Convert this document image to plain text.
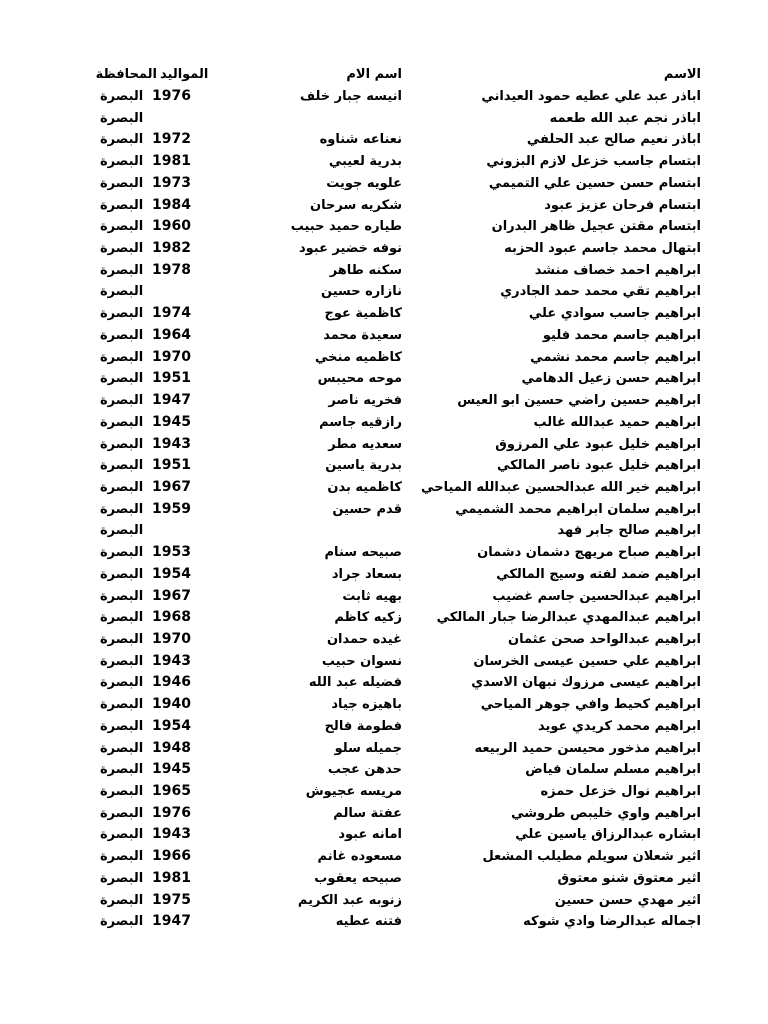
الاسم
اسم الام
المواليد
المحافظة
اباذر عبد علي عطيه حمود العيداني
انيسه جبار خلف
1976
البصرة
اباذر نجم عبد الله طعمه
البصرة
اباذر نعيم صالح عبد الحلفي
نعناعه شناوه
1972
البصرة
ابتسام جاسب خزعل لازم البزوني
بدرية لعيبي
1981
البصرة
ابتسام حسن حسين علي التميمي
علويه جويت
1973
البصرة
ابتسام فرحان عزيز عبود
شكريه سرحان
1984
البصرة
ابتسام مقتن عجيل ظاهر البدران
طياره حميد حبيب
1960
البصرة
ابتهال محمد جاسم عبود الحزبه
نوفه خضير عبود
1982
البصرة
ابراهيم احمد خصاف منشد
سكنه طاهر
1978
البصرة
ابراهيم تقي محمد حمد الجادري
نازاره حسين
البصرة
ابراهيم جاسب سوادي علي
كاظمية عوج
1974
البصرة
ابراهيم جاسم محمد فليو
سعيدة محمد
1964
البصرة
ابراهيم جاسم محمد نشمي
كاظميه منخي
1970
البصرة
ابراهيم حسن زعيل الدهامي
موحه محيبس
1951
البصرة
ابراهيم حسين راضي حسين ابو العيس
فخريه ناصر
1947
البصرة
ابراهيم حميد عبدالله غالب
رازقيه جاسم
1945
البصرة
ابراهيم خليل عبود علي المرزوق
سعديه مطر
1943
البصرة
ابراهيم خليل عبود ناصر المالكي
بدرية ياسين
1951
البصرة
ابراهيم خير الله عبدالحسين عبدالله المياحي
كاظميه بدن
1967
البصرة
ابراهيم سلمان ابراهيم محمد الشميمي
قدم حسين
1959
البصرة
ابراهيم صالح جابر فهد
البصرة
ابراهيم صباح مريهج دشمان دشمان
صبيحه سنام
1953
البصرة
ابراهيم ضمد لفته وسيج المالكي
بسعاد جراد
1954
البصرة
ابراهيم عبدالحسين جاسم غضيب
بهيه ثابت
1967
البصرة
ابراهيم عبدالمهدي عبدالرضا جبار المالكي
زكيه كاظم
1968
البصرة
ابراهيم عبدالواحد صحن عثمان
غيده حمدان
1970
البصرة
ابراهيم علي حسين عيسى الخرسان
نسوان حبيب
1943
البصرة
ابراهيم عيسى مرزوك نبهان الاسدي
فضيله عبد الله
1946
البصرة
ابراهيم كحيط وافي جوهر المياحي
باهيزه جياد
1940
البصرة
ابراهيم محمد كريدي عويد
فطومة فالح
1954
البصرة
ابراهيم مذخور محيسن حميد الربيعه
جميله سلو
1948
البصرة
ابراهيم مسلم سلمان فياض
حدهن عجب
1945
البصرة
ابراهيم نوال خزعل حمزه
مريسه عجيوش
1965
البصرة
ابراهيم واوي خليبص طروشي
عفتة سالم
1976
البصرة
ابشاره عبدالرزاق ياسين علي
امانه عبود
1943
البصرة
اثير شعلان سويلم مطيلب المشعل
مسعوده غانم
1966
البصرة
اثير معتوق شنو معتوق
صبيحه يعقوب
1981
البصرة
اثير مهدي حسن حسين
زنوبه عبد الكريم
1975
البصرة
اجماله عبدالرضا وادي شوكه
فتنه عطيه
1947
البصرة
